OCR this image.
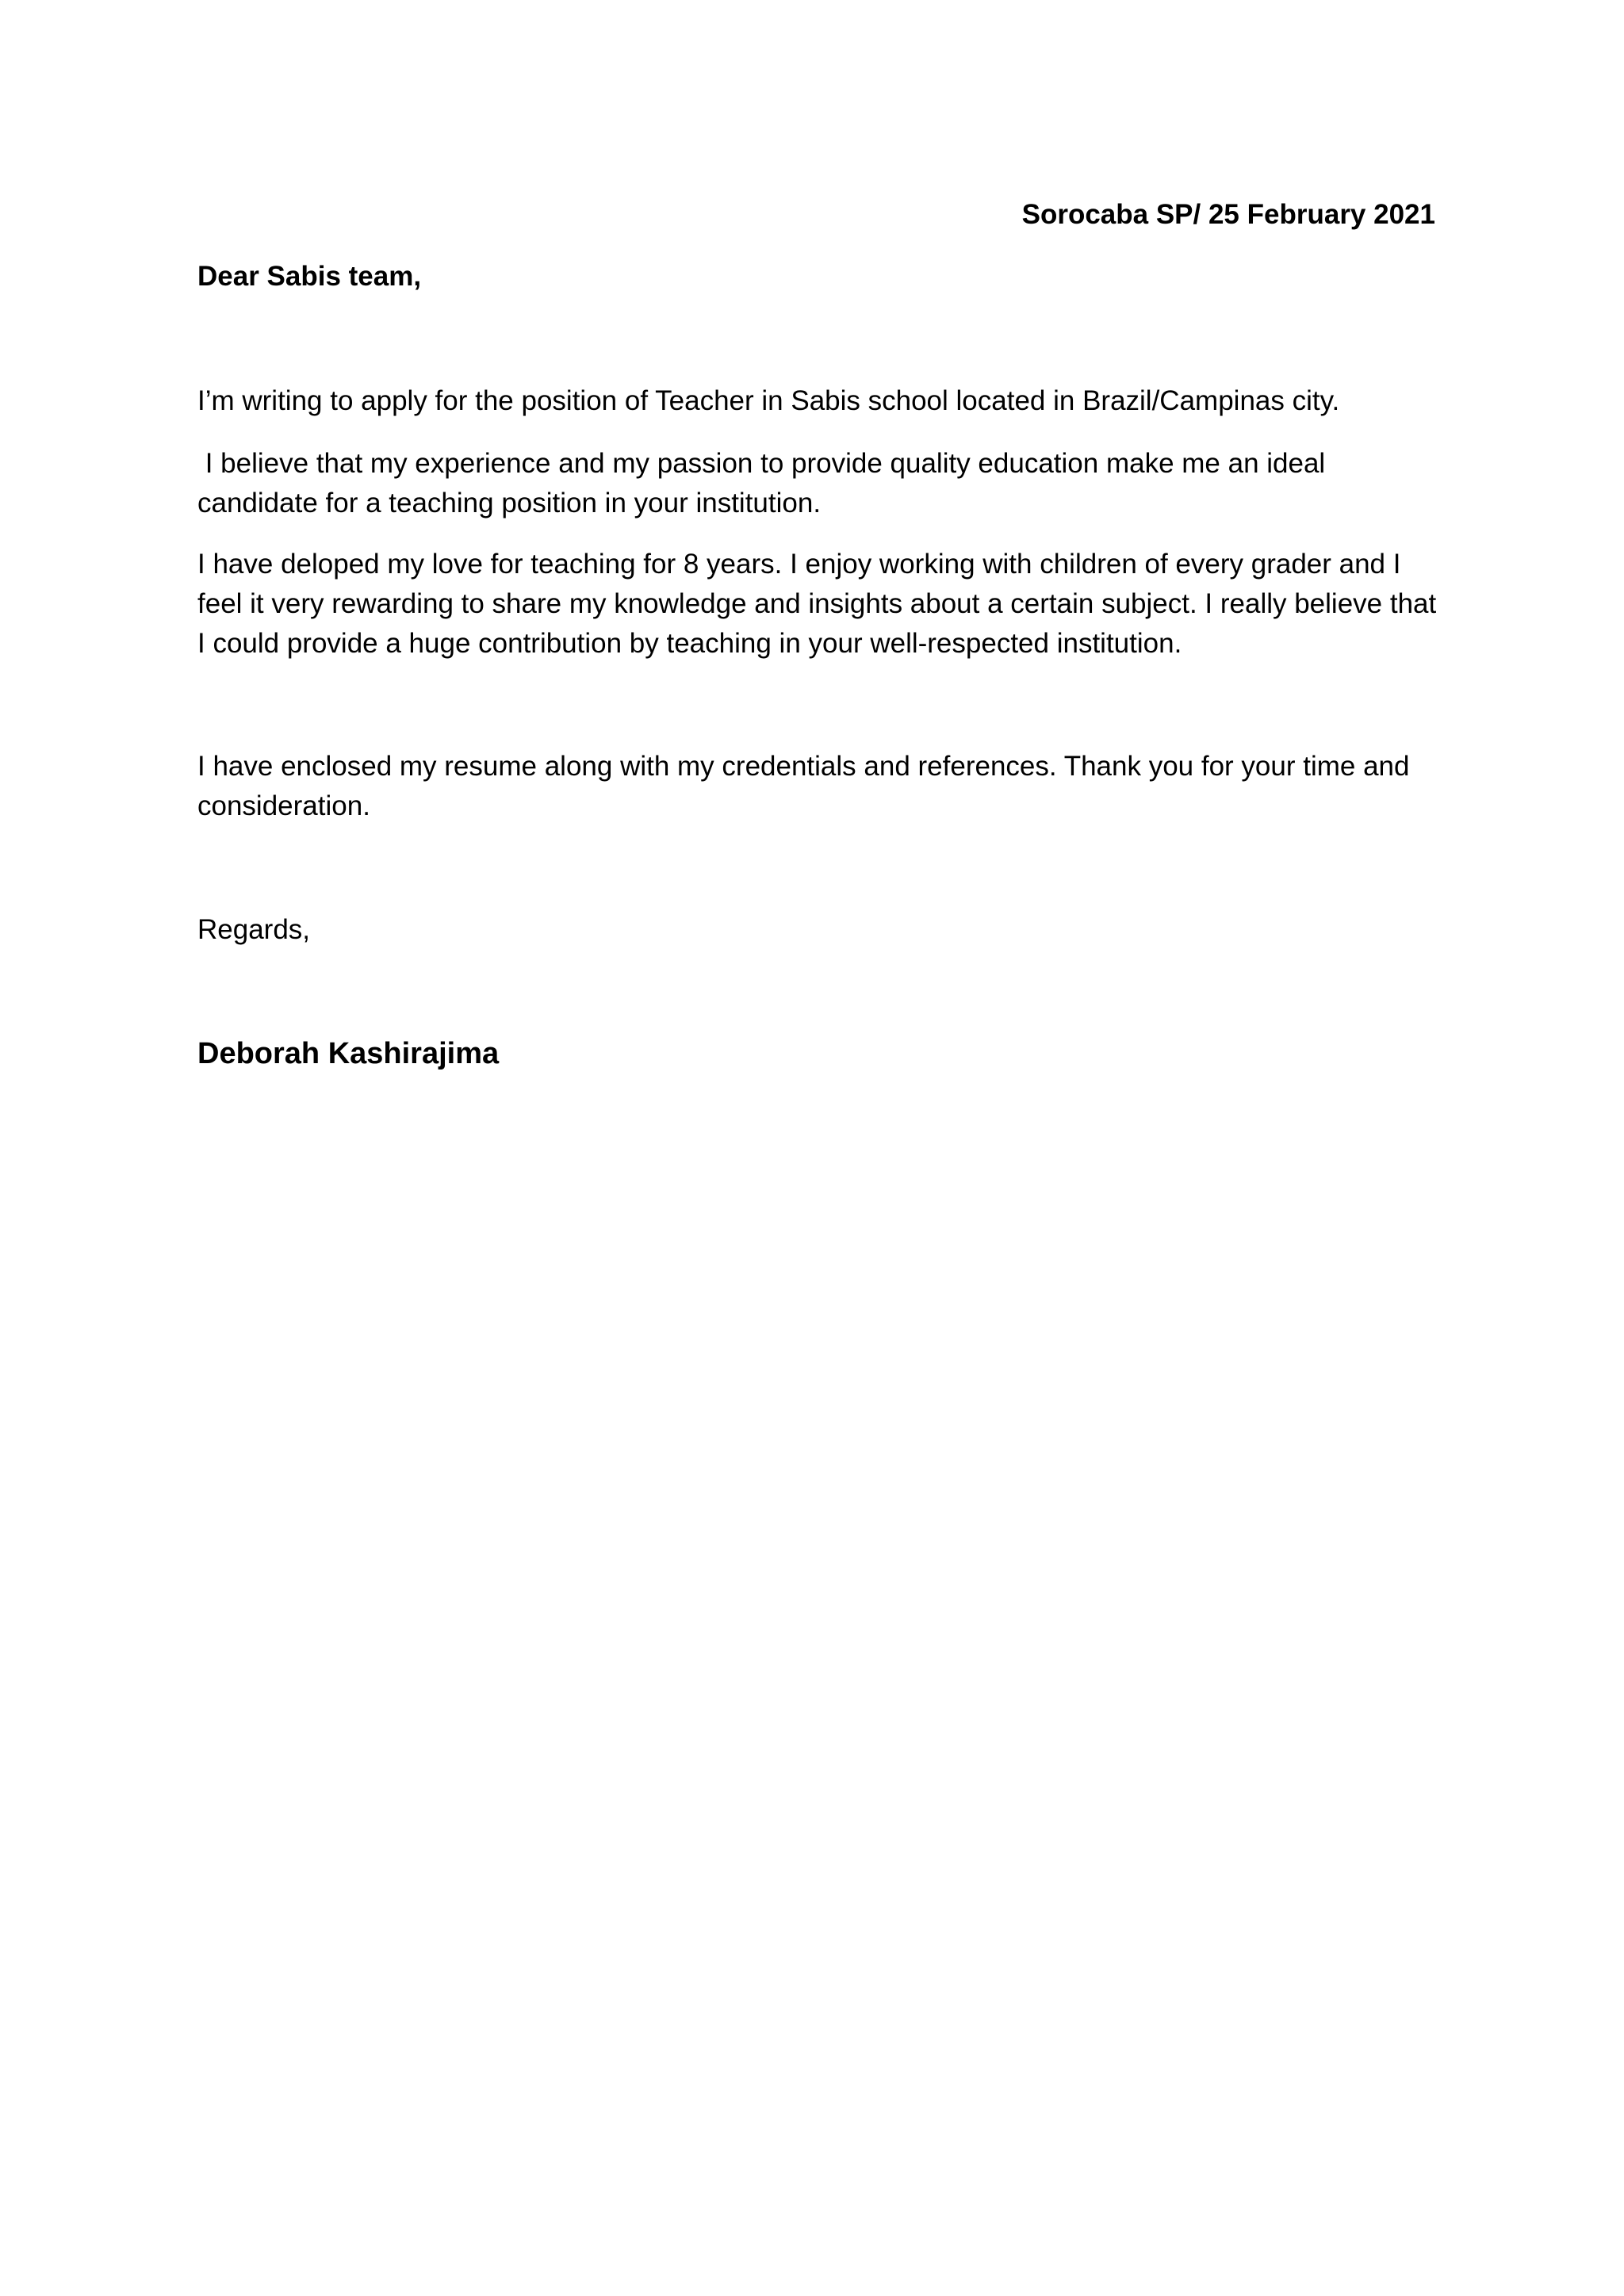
Sorocaba SP/ 25 February 2021

Dear Sabis team,

I’m writing to apply for the position of Teacher in Sabis school located in Brazil/Campinas city.

I believe that my experience and my passion to provide quality education make me an ideal candidate for a teaching position in your institution.

I have deloped my love for teaching for 8 years. I enjoy working with children of every grader and I feel it very rewarding to share my knowledge and insights about a certain subject. I really believe that I could provide a huge contribution by teaching in your well-respected institution.

I have enclosed my resume along with my credentials and references. Thank you for your time and consideration.

Regards,

Deborah Kashirajima
